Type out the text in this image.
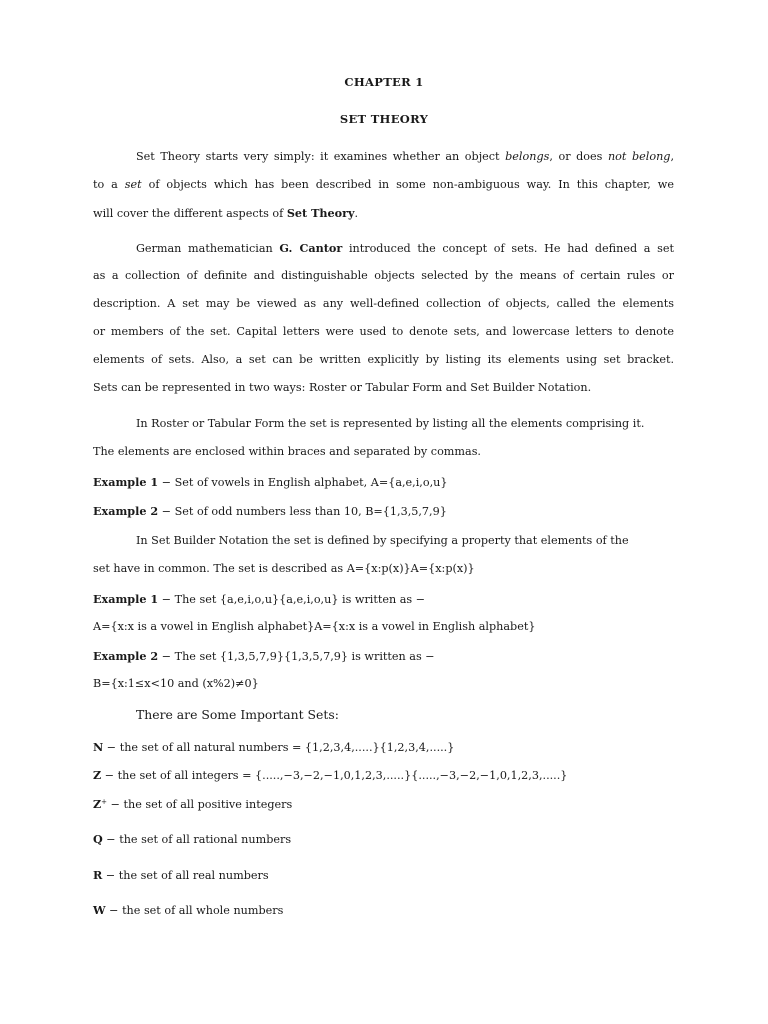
CHAPTER 1
SET THEORY
Set Theory starts very simply: it examines whether an object belongs, or does not belong,
to a set of objects which has been described in some non-ambiguous way. In this chapter, we
will cover the different aspects of Set Theory.
German mathematician G. Cantor introduced the concept of sets. He had defined a set
as a collection of definite and distinguishable objects selected by the means of certain rules or
description. A set may be viewed as any well-defined collection of objects, called the elements
or members of the set. Capital letters were used to denote sets, and lowercase letters to denote
elements of sets. Also, a set can be written explicitly by listing its elements using set bracket.
Sets can be represented in two ways: Roster or Tabular Form and Set Builder Notation.
In Roster or Tabular Form the set is represented by listing all the elements comprising it.
The elements are enclosed within braces and separated by commas.
Example 1 − Set of vowels in English alphabet, A={a,e,i,o,u}
Example 2 − Set of odd numbers less than 10, B={1,3,5,7,9}
In Set Builder Notation the set is defined by specifying a property that elements of the
set have in common. The set is described as A={x:p(x)}A={x:p(x)}
Example 1 − The set {a,e,i,o,u}{a,e,i,o,u} is written as −
A={x:x is a vowel in English alphabet}A={x:x is a vowel in English alphabet}
Example 2 − The set {1,3,5,7,9}{1,3,5,7,9} is written as −
B={x:1≤x<10 and (x%2)≠0}
There are Some Important Sets:
N − the set of all natural numbers = {1,2,3,4,.....}{1,2,3,4,.....}
Z − the set of all integers = {.....,−3,−2,−1,0,1,2,3,.....}{.....,−3,−2,−1,0,1,2,3,.....}
Z+ − the set of all positive integers
Q − the set of all rational numbers
R − the set of all real numbers
W − the set of all whole numbers
